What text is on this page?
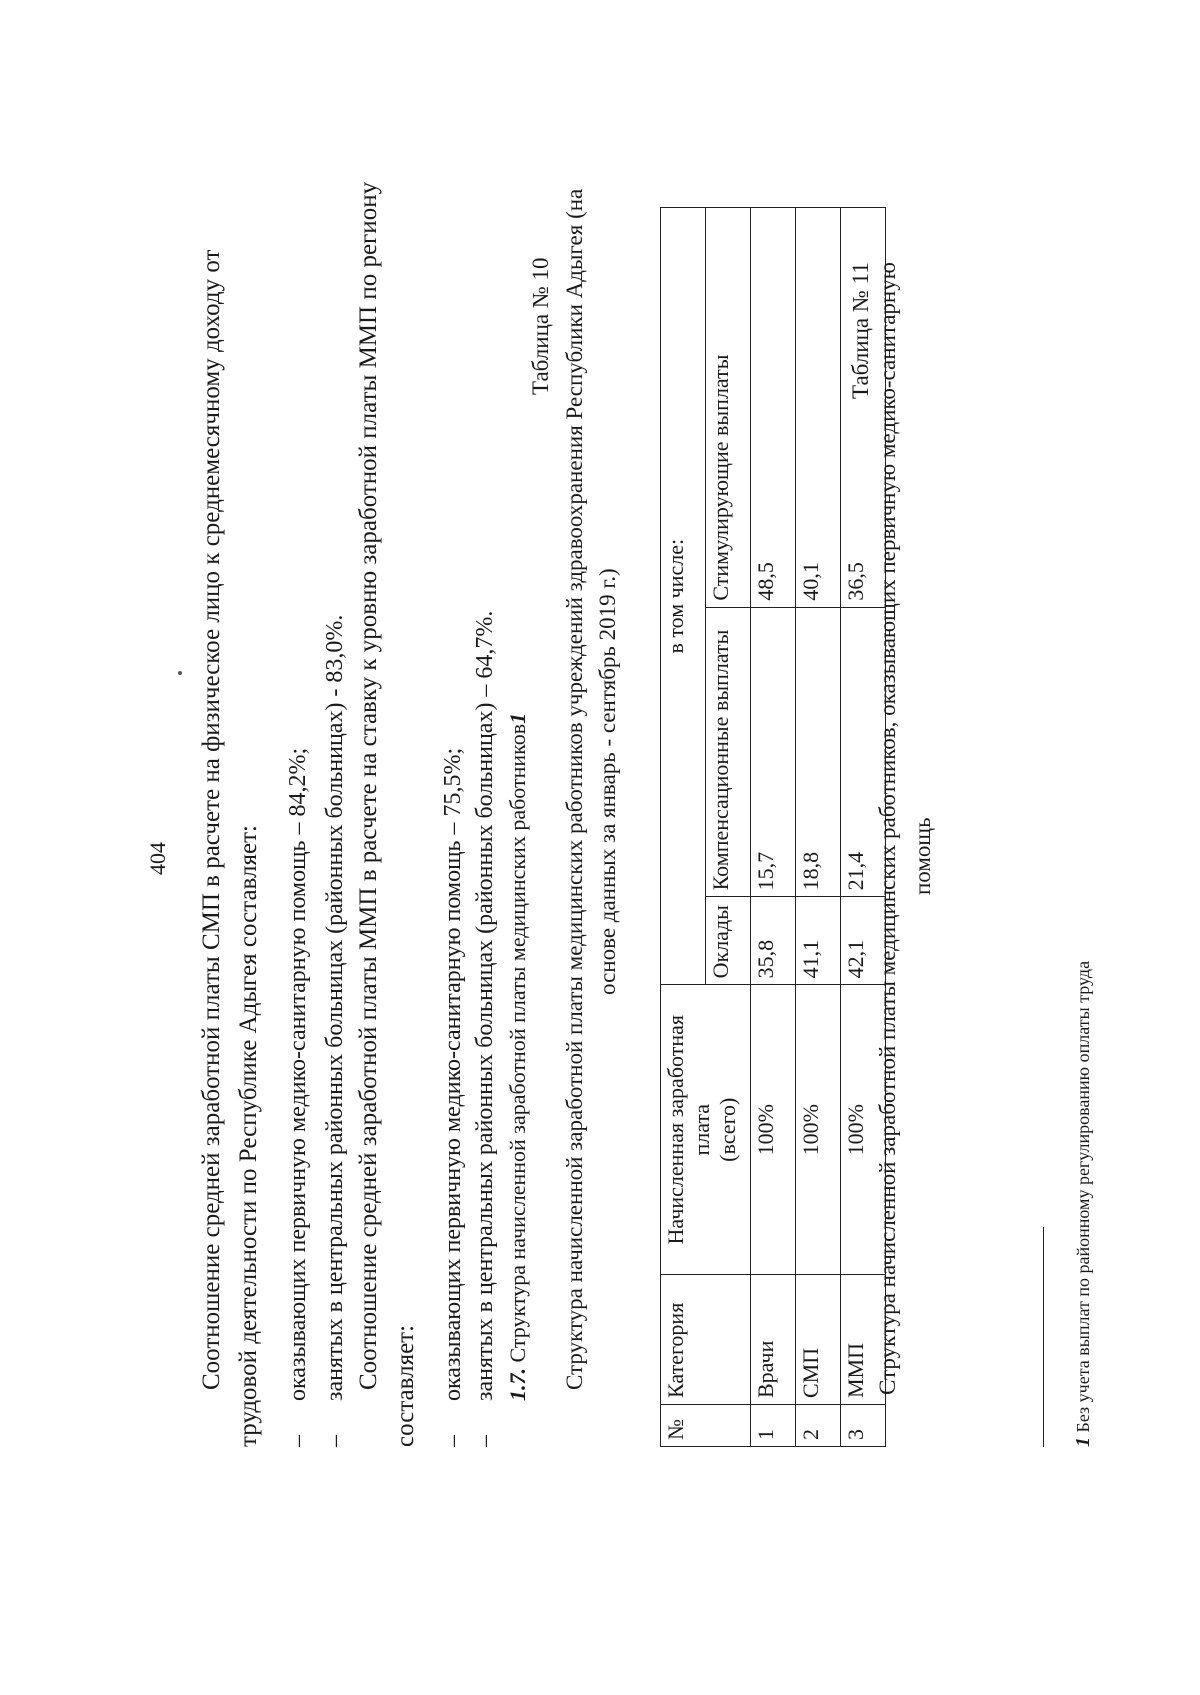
404 Соотношение средней заработной платы СМП в расчете на физическое лицо к среднемесячному доходу от трудовой деятельности по Республике Адыгея составляет: –оказывающих первичную медико-санитарную помощь – 84,2%;
–занятых в центральных районных больницах (районных больницах) - 83,0%. Соотношение средней заработной платы ММП в расчете на ставку к уровню заработной платы ММП по региону составляет: –оказывающих первичную медико-санитарную помощь – 75,5%;
–занятых в центральных районных больницах (районных больницах) – 64,7%. 1.7. Структура начисленной заработной платы медицинских работников1
Таблица № 10 Структура начисленной заработной платы медицинских работников учреждений здравоохранения Республики Адыгея (на основе данных за январь - сентябрь 2019 г.)
№	Категория	Начисленная заработная плата (всего)	в том числе:		
			Оклады	Компенсационные выплаты	Стимулирующие выплаты
1	Врачи	100%	35,8	15,7	48,5
2	СМП	100%	41,1	18,8	40,1
3	ММП	100%	42,1	21,4	36,5
Таблица № 11 Структура начисленной заработной платы медицинских работников, оказывающих первичную медико-санитарную помощь
1 Без учета выплат по районному регулированию оплаты труда
